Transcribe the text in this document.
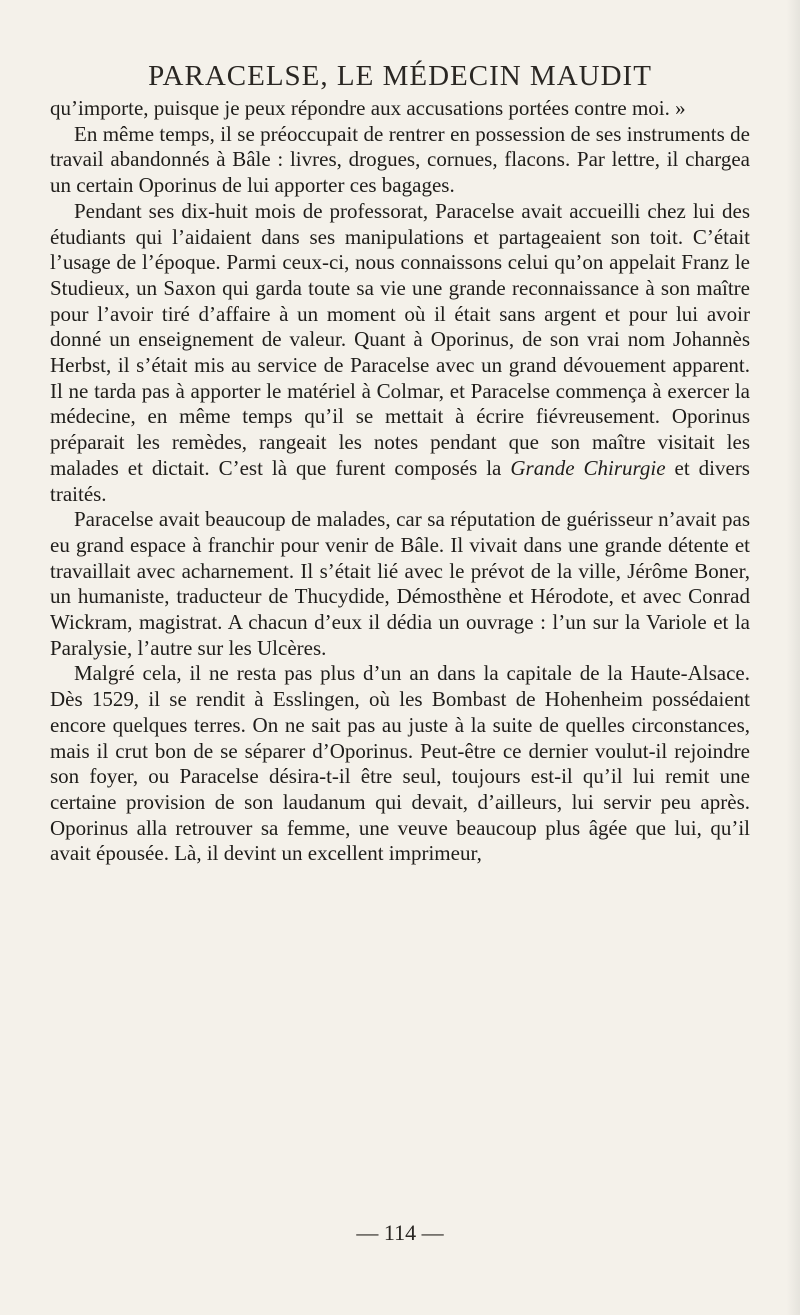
PARACELSE, LE MÉDECIN MAUDIT

qu’importe, puisque je peux répondre aux accusations portées contre moi. »

En même temps, il se préoccupait de rentrer en possession de ses instruments de travail abandonnés à Bâle : livres, drogues, cornues, flacons. Par lettre, il chargea un certain Oporinus de lui apporter ces bagages.

Pendant ses dix-huit mois de professorat, Paracelse avait accueilli chez lui des étudiants qui l’aidaient dans ses manipulations et partageaient son toit. C’était l’usage de l’époque. Parmi ceux-ci, nous connaissons celui qu’on appelait Franz le Studieux, un Saxon qui garda toute sa vie une grande reconnaissance à son maître pour l’avoir tiré d’affaire à un moment où il était sans argent et pour lui avoir donné un enseignement de valeur. Quant à Oporinus, de son vrai nom Johannès Herbst, il s’était mis au service de Paracelse avec un grand dévouement apparent. Il ne tarda pas à apporter le matériel à Colmar, et Paracelse commença à exercer la médecine, en même temps qu’il se mettait à écrire fiévreusement. Oporinus préparait les remèdes, rangeait les notes pendant que son maître visitait les malades et dictait. C’est là que furent composés la Grande Chirurgie et divers traités.

Paracelse avait beaucoup de malades, car sa réputation de guérisseur n’avait pas eu grand espace à franchir pour venir de Bâle. Il vivait dans une grande détente et travaillait avec acharnement. Il s’était lié avec le prévot de la ville, Jérôme Boner, un humaniste, traducteur de Thucydide, Démosthène et Hérodote, et avec Conrad Wickram, magistrat. A chacun d’eux il dédia un ouvrage : l’un sur la Variole et la Paralysie, l’autre sur les Ulcères.

Malgré cela, il ne resta pas plus d’un an dans la capitale de la Haute-Alsace. Dès 1529, il se rendit à Esslingen, où les Bombast de Hohenheim possédaient encore quelques terres. On ne sait pas au juste à la suite de quelles circonstances, mais il crut bon de se séparer d’Oporinus. Peut-être ce dernier voulut-il rejoindre son foyer, ou Paracelse désira-t-il être seul, toujours est-il qu’il lui remit une certaine provision de son laudanum qui devait, d’ailleurs, lui servir peu après. Oporinus alla retrouver sa femme, une veuve beaucoup plus âgée que lui, qu’il avait épousée. Là, il devint un excellent imprimeur,

— 114 —
